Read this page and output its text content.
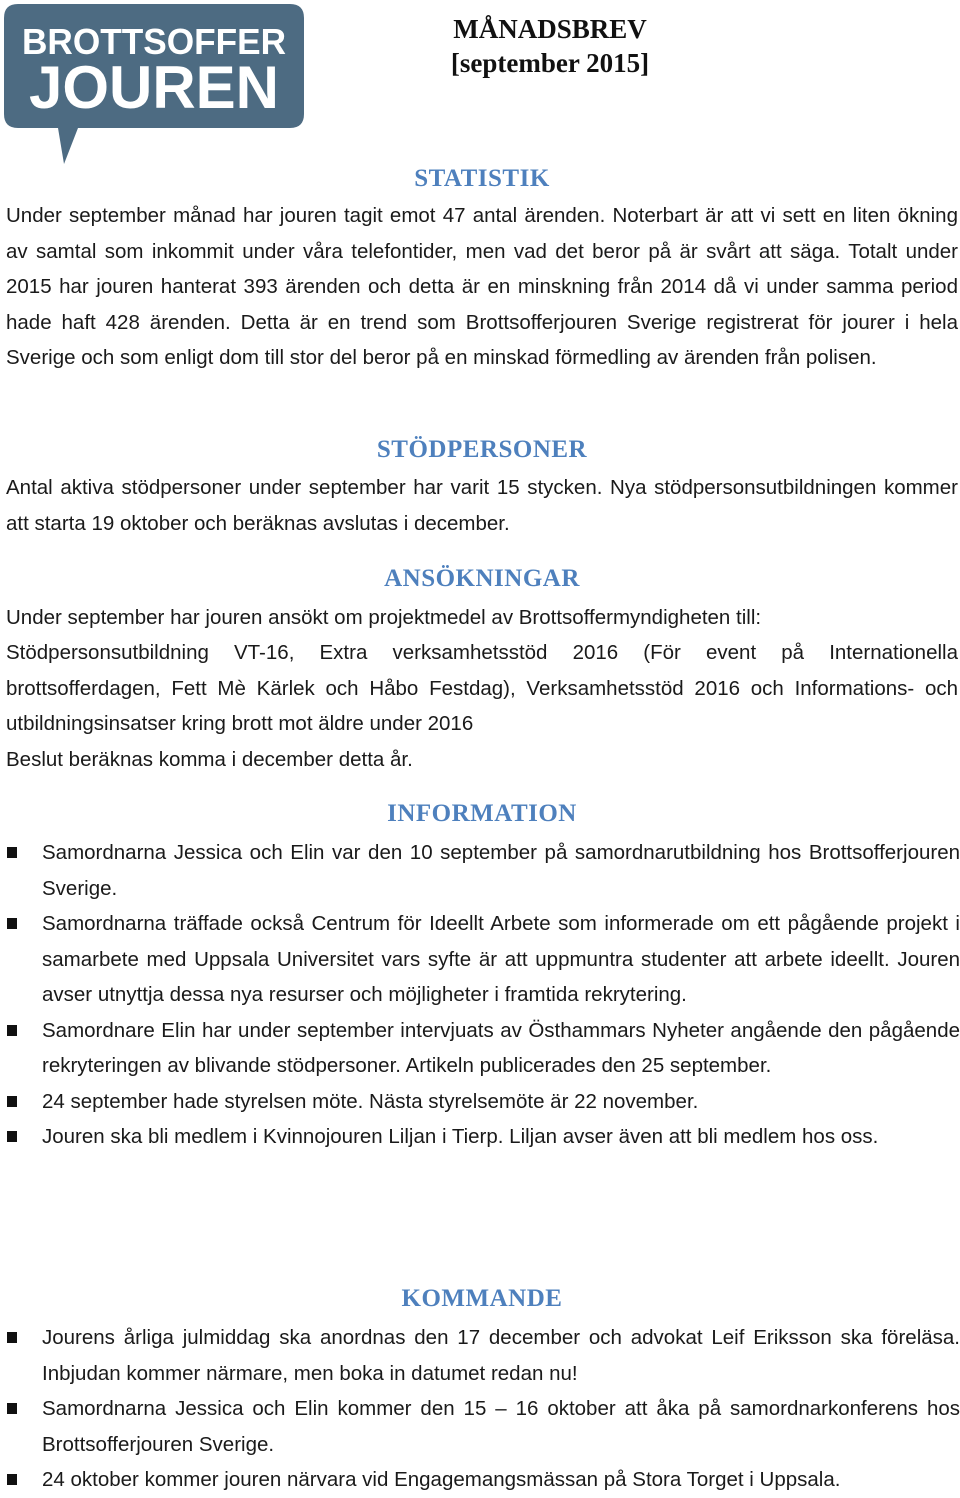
BROTTSOFFER
JOUREN
MÅNADSBREV
[september 2015]
STATISTIK

Under september månad har jouren tagit emot 47 antal ärenden. Noterbart är att vi sett en liten ökning av samtal som inkommit under våra telefontider, men vad det beror på är svårt att säga. Totalt under 2015 har jouren hanterat 393 ärenden och detta är en minskning från 2014 då vi under samma period hade haft 428 ärenden. Detta är en trend som Brottsofferjouren Sverige registrerat för jourer i hela Sverige och som enligt dom till stor del beror på en minskad förmedling av ärenden från polisen.

STÖDPERSONER

Antal aktiva stödpersoner under september har varit 15 stycken. Nya stödpersonsutbildningen kommer att starta 19 oktober och beräknas avslutas i december.

ANSÖKNINGAR

Under september har jouren ansökt om projektmedel av Brottsoffermyndigheten till:

Stödpersonsutbildning VT-16, Extra verksamhetsstöd 2016 (För event på Internationella brottsofferdagen, Fett Mè Kärlek och Håbo Festdag), Verksamhetsstöd 2016 och Informations- och utbildningsinsatser kring brott mot äldre under 2016

Beslut beräknas komma i december detta år.

INFORMATION
Samordnarna Jessica och Elin var den 10 september på samordnarutbildning hos Brottsofferjouren Sverige.
Samordnarna träffade också Centrum för Ideellt Arbete som informerade om ett pågående projekt i samarbete med Uppsala Universitet vars syfte är att uppmuntra studenter att arbete ideellt. Jouren avser utnyttja dessa nya resurser och möjligheter i framtida rekrytering.
Samordnare Elin har under september intervjuats av Östhammars Nyheter angående den pågående rekryteringen av blivande stödpersoner. Artikeln publicerades den 25 september.
24 september hade styrelsen möte. Nästa styrelsemöte är 22 november.
Jouren ska bli medlem i Kvinnojouren Liljan i Tierp. Liljan avser även att bli medlem hos oss.
KOMMANDE
Jourens årliga julmiddag ska anordnas den 17 december och advokat Leif Eriksson ska föreläsa. Inbjudan kommer närmare, men boka in datumet redan nu!
Samordnarna Jessica och Elin kommer den 15 – 16 oktober att åka på samordnarkonferens hos Brottsofferjouren Sverige.
24 oktober kommer jouren närvara vid Engagemangsmässan på Stora Torget i Uppsala.
